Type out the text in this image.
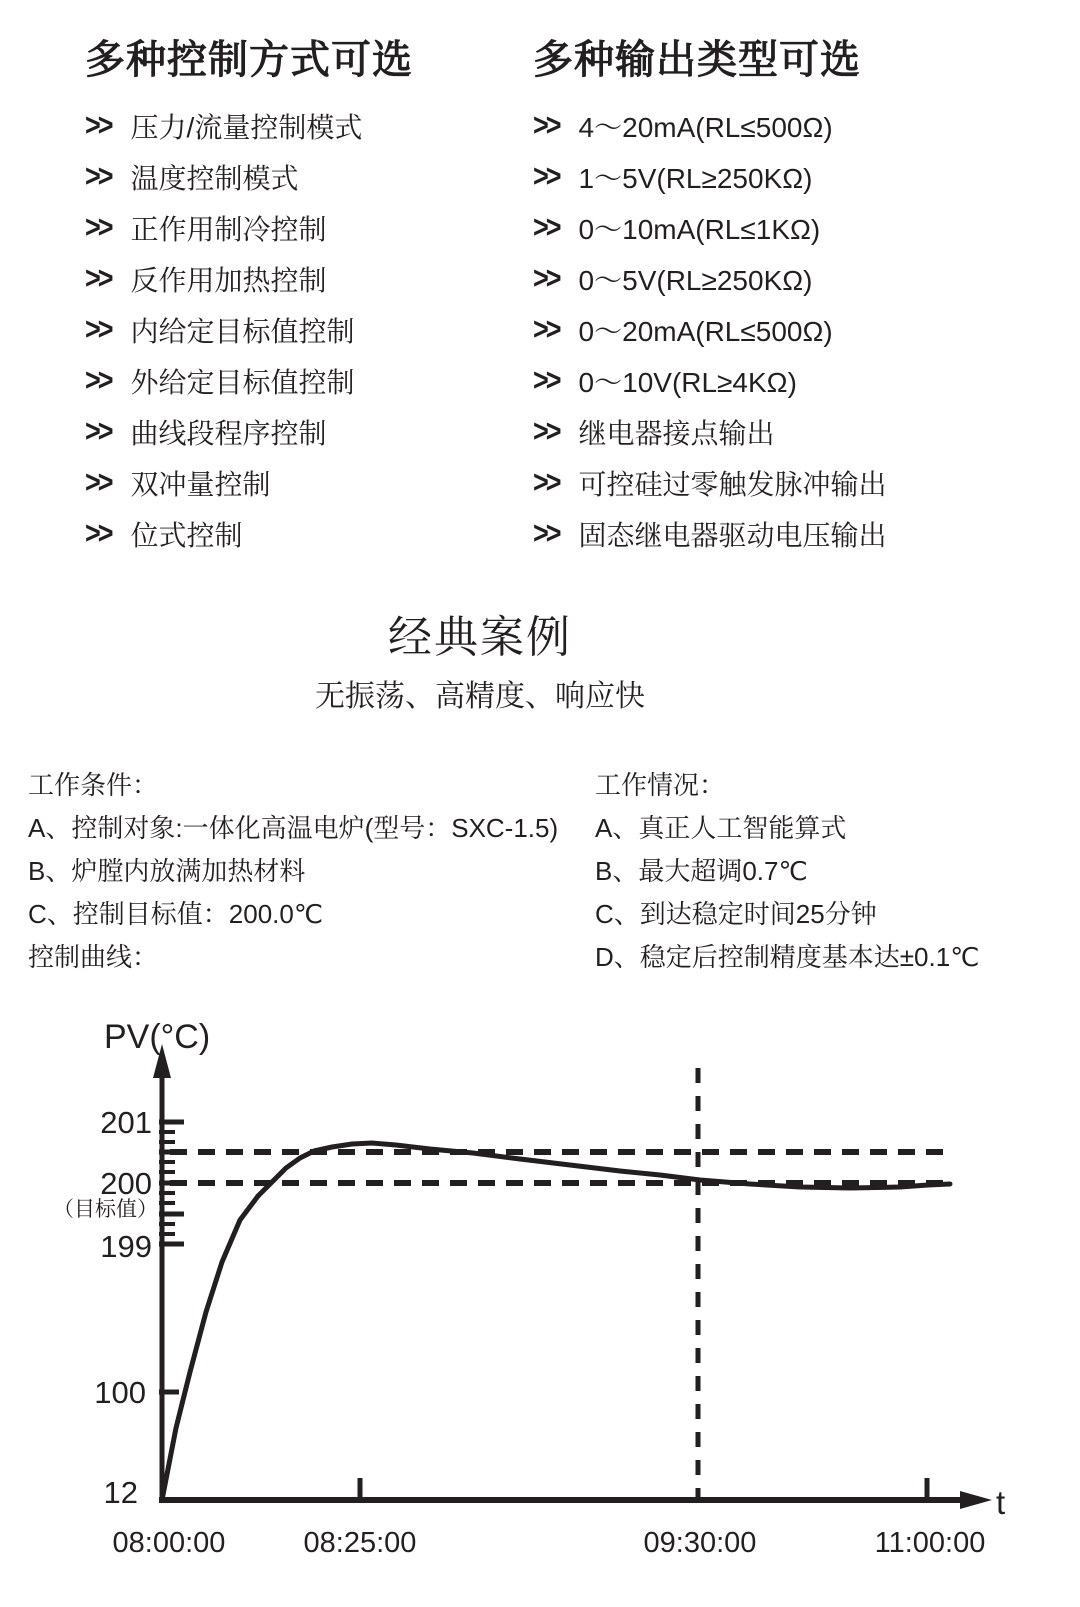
多种控制方式可选
>> 压力/流量控制模式
>> 温度控制模式
>> 正作用制冷控制
>> 反作用加热控制
>> 内给定目标值控制
>> 外给定目标值控制
>> 曲线段程序控制
>> 双冲量控制
>> 位式控制
多种输出类型可选
>> 4～20mA(RL≤500Ω)
>> 1～5V(RL≥250KΩ)
>> 0～10mA(RL≤1KΩ)
>> 0～5V(RL≥250KΩ)
>> 0～20mA(RL≤500Ω)
>> 0～10V(RL≥4KΩ)
>> 继电器接点输出
>> 可控硅过零触发脉冲输出
>> 固态继电器驱动电压输出
经典案例

无振荡、高精度、响应快

工作条件：
A、控制对象:一体化高温电炉(型号：SXC-1.5)
B、炉膛内放满加热材料
C、控制目标值：200.0℃
控制曲线：
工作情况：
A、真正人工智能算式
B、最大超调0.7℃
C、到达稳定时间25分钟
D、稳定后控制精度基本达±0.1℃
PV(°C)
t
201
200
199
100
12
（目标值）
08:00:00	08:25:00	09:30:00	11:00:00
